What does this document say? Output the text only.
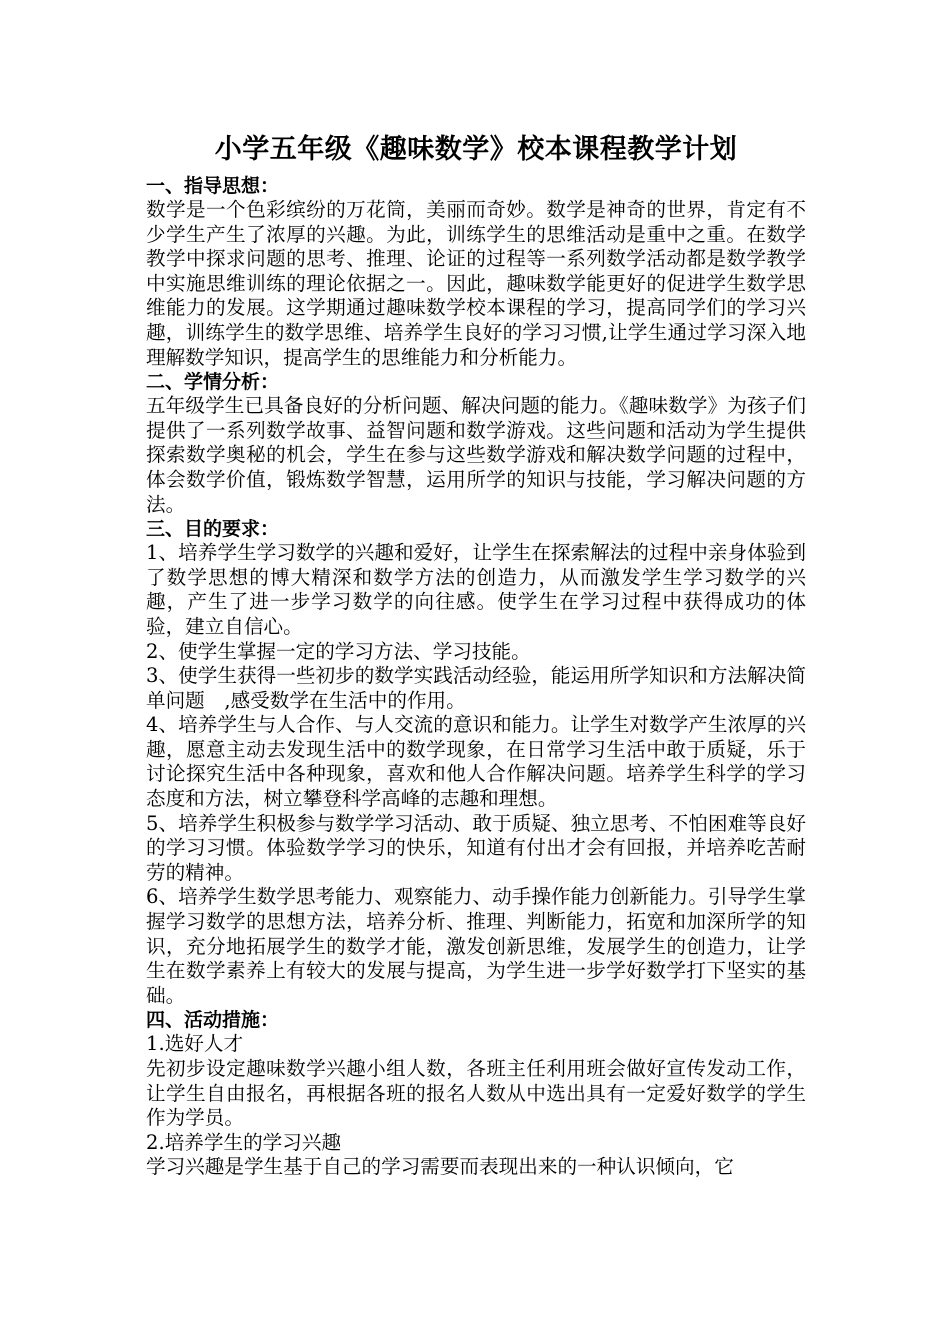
小学五年级《趣味数学》校本课程教学计划

一、指导思想：

数学是一个色彩缤纷的万花筒，美丽而奇妙。数学是神奇的世界，肯定有不少学生产生了浓厚的兴趣。为此，训练学生的思维活动是重中之重。在数学教学中探求问题的思考、推理、论证的过程等一系列数学活动都是数学教学中实施思维训练的理论依据之一。因此，趣味数学能更好的促进学生数学思维能力的发展。这学期通过趣味数学校本课程的学习，提高同学们的学习兴趣，训练学生的数学思维、培养学生良好的学习习惯,让学生通过学习深入地理解数学知识，提高学生的思维能力和分析能力。

二、学情分析：

五年级学生已具备良好的分析问题、解决问题的能力。《趣味数学》为孩子们提供了一系列数学故事、益智问题和数学游戏。这些问题和活动为学生提供探索数学奥秘的机会，学生在参与这些数学游戏和解决数学问题的过程中，体会数学价值，锻炼数学智慧，运用所学的知识与技能，学习解决问题的方法。

三、目的要求：

1、培养学生学习数学的兴趣和爱好，让学生在探索解法的过程中亲身体验到了数学思想的博大精深和数学方法的创造力，从而激发学生学习数学的兴趣，产生了进一步学习数学的向往感。使学生在学习过程中获得成功的体验，建立自信心。

2、使学生掌握一定的学习方法、学习技能。

3、使学生获得一些初步的数学实践活动经验，能运用所学知识和方法解决简单问题　,感受数学在生活中的作用。

4、培养学生与人合作、与人交流的意识和能力。让学生对数学产生浓厚的兴趣，愿意主动去发现生活中的数学现象，在日常学习生活中敢于质疑，乐于讨论探究生活中各种现象，喜欢和他人合作解决问题。培养学生科学的学习态度和方法，树立攀登科学高峰的志趣和理想。

5、培养学生积极参与数学学习活动、敢于质疑、独立思考、不怕困难等良好的学习习惯。体验数学学习的快乐，知道有付出才会有回报，并培养吃苦耐劳的精神。

6、培养学生数学思考能力、观察能力、动手操作能力创新能力。引导学生掌握学习数学的思想方法，培养分析、推理、判断能力，拓宽和加深所学的知识，充分地拓展学生的数学才能，激发创新思维，发展学生的创造力，让学生在数学素养上有较大的发展与提高，为学生进一步学好数学打下坚实的基础。

四、活动措施：

1.选好人才

先初步设定趣味数学兴趣小组人数，各班主任利用班会做好宣传发动工作，让学生自由报名，再根据各班的报名人数从中选出具有一定爱好数学的学生作为学员。

2.培养学生的学习兴趣

学习兴趣是学生基于自己的学习需要而表现出来的一种认识倾向，它
